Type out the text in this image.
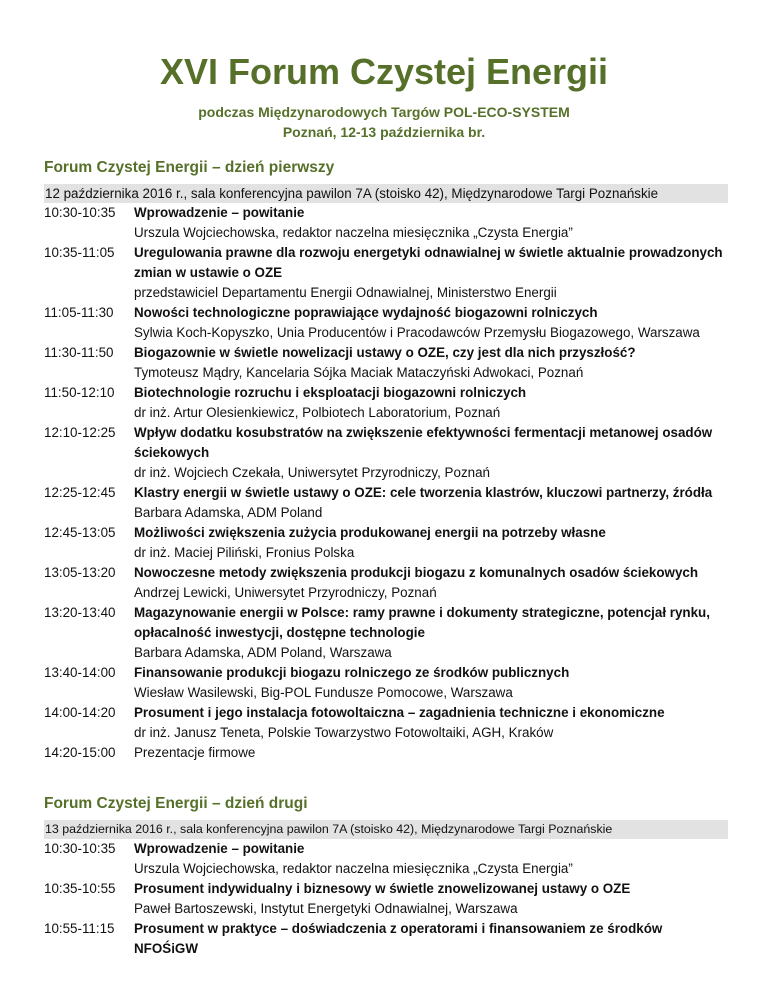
XVI Forum Czystej Energii
podczas Międzynarodowych Targów POL-ECO-SYSTEM
Poznań, 12-13 października br.
Forum Czystej Energii – dzień pierwszy
12 października 2016 r., sala konferencyjna pawilon 7A (stoisko 42), Międzynarodowe Targi Poznańskie
10:30-10:35	Wprowadzenie – powitanie
Urszula Wojciechowska, redaktor naczelna miesięcznika „Czysta Energia”
10:35-11:05	Uregulowania prawne dla rozwoju energetyki odnawialnej w świetle aktualnie prowadzonych zmian w ustawie o OZE
przedstawiciel Departamentu Energii Odnawialnej, Ministerstwo Energii
11:05-11:30	Nowości technologiczne poprawiające wydajność biogazowni rolniczych
Sylwia Koch-Kopyszko, Unia Producentów i Pracodawców Przemysłu Biogazowego, Warszawa
11:30-11:50	Biogazownie w świetle nowelizacji ustawy o OZE, czy jest dla nich przyszłość?
Tymoteusz Mądry, Kancelaria Sójka Maciak Mataczyński Adwokaci, Poznań
11:50-12:10	Biotechnologie rozruchu i eksploatacji biogazowni rolniczych
dr inż. Artur Olesienkiewicz, Polbiotech Laboratorium, Poznań
12:10-12:25	Wpływ dodatku kosubstratów na zwiększenie efektywności fermentacji metanowej osadów ściekowych
dr inż. Wojciech Czekała, Uniwersytet Przyrodniczy, Poznań
12:25-12:45	Klastry energii w świetle ustawy o OZE: cele tworzenia klastrów, kluczowi partnerzy, źródła
Barbara Adamska, ADM Poland
12:45-13:05	Możliwości zwiększenia zużycia produkowanej energii na potrzeby własne
dr inż. Maciej Piliński, Fronius Polska
13:05-13:20	Nowoczesne metody zwiększenia produkcji biogazu z komunalnych osadów ściekowych
Andrzej Lewicki, Uniwersytet Przyrodniczy, Poznań
13:20-13:40	Magazynowanie energii w Polsce: ramy prawne i dokumenty strategiczne, potencjał rynku, opłacalność inwestycji, dostępne technologie
Barbara Adamska, ADM Poland, Warszawa
13:40-14:00	Finansowanie produkcji biogazu rolniczego ze środków publicznych
Wiesław Wasilewski, Big-POL Fundusze Pomocowe, Warszawa
14:00-14:20	Prosument i jego instalacja fotowoltaiczna – zagadnienia techniczne i ekonomiczne
dr inż. Janusz Teneta, Polskie Towarzystwo Fotowoltaiki, AGH, Kraków
14:20-15:00	Prezentacje firmowe
Forum Czystej Energii – dzień drugi
13 października 2016 r., sala konferencyjna pawilon 7A (stoisko 42), Międzynarodowe Targi Poznańskie
10:30-10:35	Wprowadzenie – powitanie
Urszula Wojciechowska, redaktor naczelna miesięcznika „Czysta Energia”
10:35-10:55	Prosument indywidualny i biznesowy w świetle znowelizowanej ustawy o OZE
Paweł Bartoszewski, Instytut Energetyki Odnawialnej, Warszawa
10:55-11:15	Prosument w praktyce – doświadczenia z operatorami i finansowaniem ze środków NFOŚiGW
